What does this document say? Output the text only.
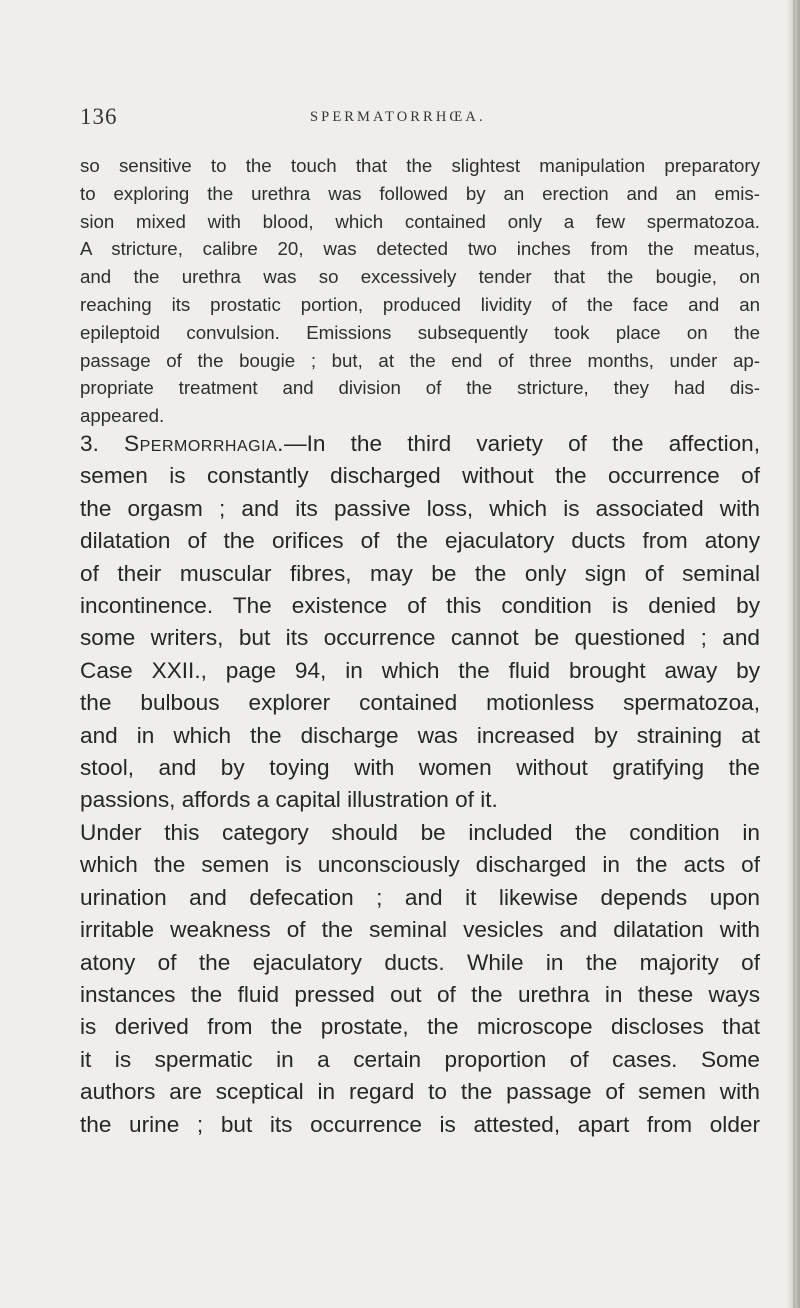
136	SPERMATORRHŒA.
so sensitive to the touch that the slightest manipulation preparatory
to exploring the urethra was followed by an erection and an emis-
sion mixed with blood, which contained only a few spermatozoa.
A stricture, calibre 20, was detected two inches from the meatus,
and the urethra was so excessively tender that the bougie, on
reaching its prostatic portion, produced lividity of the face and an
epileptoid convulsion. Emissions subsequently took place on the
passage of the bougie ; but, at the end of three months, under ap-
propriate treatment and division of the stricture, they had dis-
appeared.
3. Spermorrhagia.—In the third variety of the affection,
semen is constantly discharged without the occurrence of
the orgasm ; and its passive loss, which is associated with
dilatation of the orifices of the ejaculatory ducts from atony
of their muscular fibres, may be the only sign of seminal
incontinence. The existence of this condition is denied by
some writers, but its occurrence cannot be questioned ; and
Case XXII., page 94, in which the fluid brought away by
the bulbous explorer contained motionless spermatozoa,
and in which the discharge was increased by straining at
stool, and by toying with women without gratifying the
passions, affords a capital illustration of it.
Under this category should be included the condition in
which the semen is unconsciously discharged in the acts of
urination and defecation ; and it likewise depends upon
irritable weakness of the seminal vesicles and dilatation with
atony of the ejaculatory ducts. While in the majority of
instances the fluid pressed out of the urethra in these ways
is derived from the prostate, the microscope discloses that
it is spermatic in a certain proportion of cases. Some
authors are sceptical in regard to the passage of semen with
the urine ; but its occurrence is attested, apart from older
